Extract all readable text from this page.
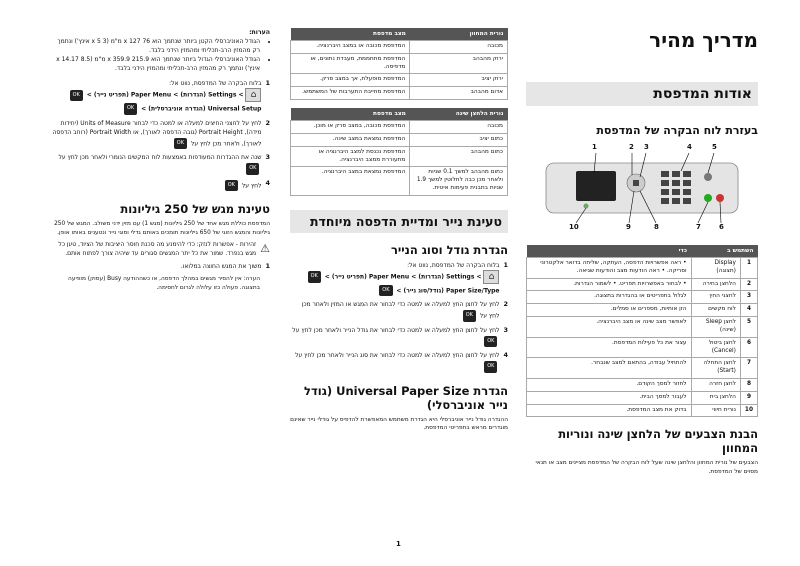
מדריך מהיר
אודות המדפסת
בעזרת לוח הבקרה של המדפסת
1	2 3	4	5
10	9	8	7	6
השתמש ב		כדי
1	Display (תצוגה)	• ראה אפשרויות הדפסה, העתקה, שליחה בדואר אלקטרוני וסריקה. • ראה הודעות מצב והודעות שגיאה.
2	הלחצן בחירה	• לבחור באפשרויות תפריט. • לשמור הגדרות.
3	לחצני החץ	לגלול בתפריטים או בהגדרות בתצוגה.
4	לוח מקשים	הזן אותיות, מספרים או סמלים.
5	לחצן Sleep (שינה)	לאפשר מצב שינה או מצב היברנציה.
6	לחצן ביטול (Cancel)	עצור את כל פעילות המדפסת.
7	לחצן התחלה (Start)	להתחיל עבודה, בהתאם למצב שנבחר.
8	לחצן חזרה	לחזור למסך הקודם.
9	הלחצן בית	לעבור למסך הבית.
10	נורית חיווי	בדוק את מצב המדפסת.
הבנת הצבעים של הלחצן שינה ונוריות המחוון

הצבעים של נורית המחוון והלחצן שינה שעל לוח הבקרה של המדפסת מציינים מצב או תנאי מסוים של המדפסת.

נורית המחוון	מצב מדפסת
מכובה	המדפסת מכובה או במצב היברנציה.
ירוק מהבהב	המדפסת מתחממת, מעבדת נתונים, או מדפיסה.
ירוק יציב	המדפסת מופעלת, אך במצב סרק.
אדום מהבהב	המדפסת מחייבת התערבות של המשתמש.
נורית הלחצן שינה	מצב מדפסת
מכובה	המדפסת מכובה, במצב סרק או מוכן.
כתום יציב	המדפסת נמצאת במצב שינה.
כתום מהבהב	המדפסת נכנסת למצב היברנציה או מתעוררת ממצב היברנציה.
כתום מהבהב למשך 0.1 שניות ולאחר מכן כבה לחלוטין למשך 1.9 שניות בתבנית פעימות איטית.	המדפסת נמצאת במצב היברנציה.
טעינת נייר ומדיית הדפסה מיוחדת
הגדרת גודל וסוג הנייר
1
בלוח הבקרה של המדפסת, נווט אל:
⌂ > Settings (הגדרות) > Paper Menu (תפריט נייר) > OK
Paper Size/Type (גודל/סוג נייר) > OK
2
לחץ על לחצן החץ למעלה או למטה כדי לבחור את המגש או המזין ולאחר מכן לחץ על OK
3
לחץ על לחצן החץ למעלה או למטה כדי לבחור את גודל הנייר ולאחר מכן לחץ על OK
4
לחץ על לחצן החץ למעלה או למטה כדי לבחור את סוג הנייר ולאחר מכן לחץ על OK
הגדרת Universal Paper Size (גודל נייר אוניברסלי)

ההגדרה גודל נייר אוניברסלי היא הגדרת משתמש המאפשרת להדפיס על גודלי נייר שאינם מוגדרים מראש בתפריטי המדפסת.

הערות:
• הגודל האוניברסלי הקטן ביותר שנתמך הוא 76 x 127 מ"מ (3 x 5 אינץ') ונתמך רק מהמזין הרב-תכליתי ומהמזין הידני בלבד.
• הגודל האוניברסלי הגדול ביותר שנתמך הוא 215.9 x 359.9 מ"מ (8.5 x 14.17 אינץ') ונתמך רק מהמזין הרב-תכליתי ומהמזין הידני בלבד.
1
בלוח הבקרה של המדפסת, נווט אל:
⌂ > Settings (הגדרות) > Paper Menu (תפריט נייר) > OK
Universal Setup (הגדרה אוניברסלית) > OK
2
לחץ על לחצני החיצים למעלה או למטה כדי לבחור Units of Measure (יחידות מידה), Portrait Height (גובה הדפסה לאורך), או Portrait Width (רוחב הדפסה לאורך), ולאחר מכן לחץ על OK
3
שנה את ההגדרות המעודפות באמצעות לוח המקשים הנומרי ולאחר מכן לחץ על OK
4
לחץ על OK
טעינת מגש של 250 גיליונות

המדפסת כוללת מגש אחד של 250 גיליונות (מגש 1) עם מזין ידני משולב. המגש של 250 גיליונות והמגש הזוגי של 650 גיליונות תומכים באותם גדלי וסוגי נייר ונטענים באותו אופן.

⚠
זהירות - אפשרות לנזק: כדי להימנע מה סכנת חוסר היציבות של הציוד, טען כל מגש בנפרד. שמור את כל יתר המגשים סגורים עד שיהיה צורך לפתוח אותם.
1
משוך את המגש החוצה במלואו.

הערה: אין להסיר מגשים במהלך הדפסה, או כשההודעה Busy (עסוק) מופיעה בתצוגה. פעולה כזו עלולה לגרום לחסימה.

1
